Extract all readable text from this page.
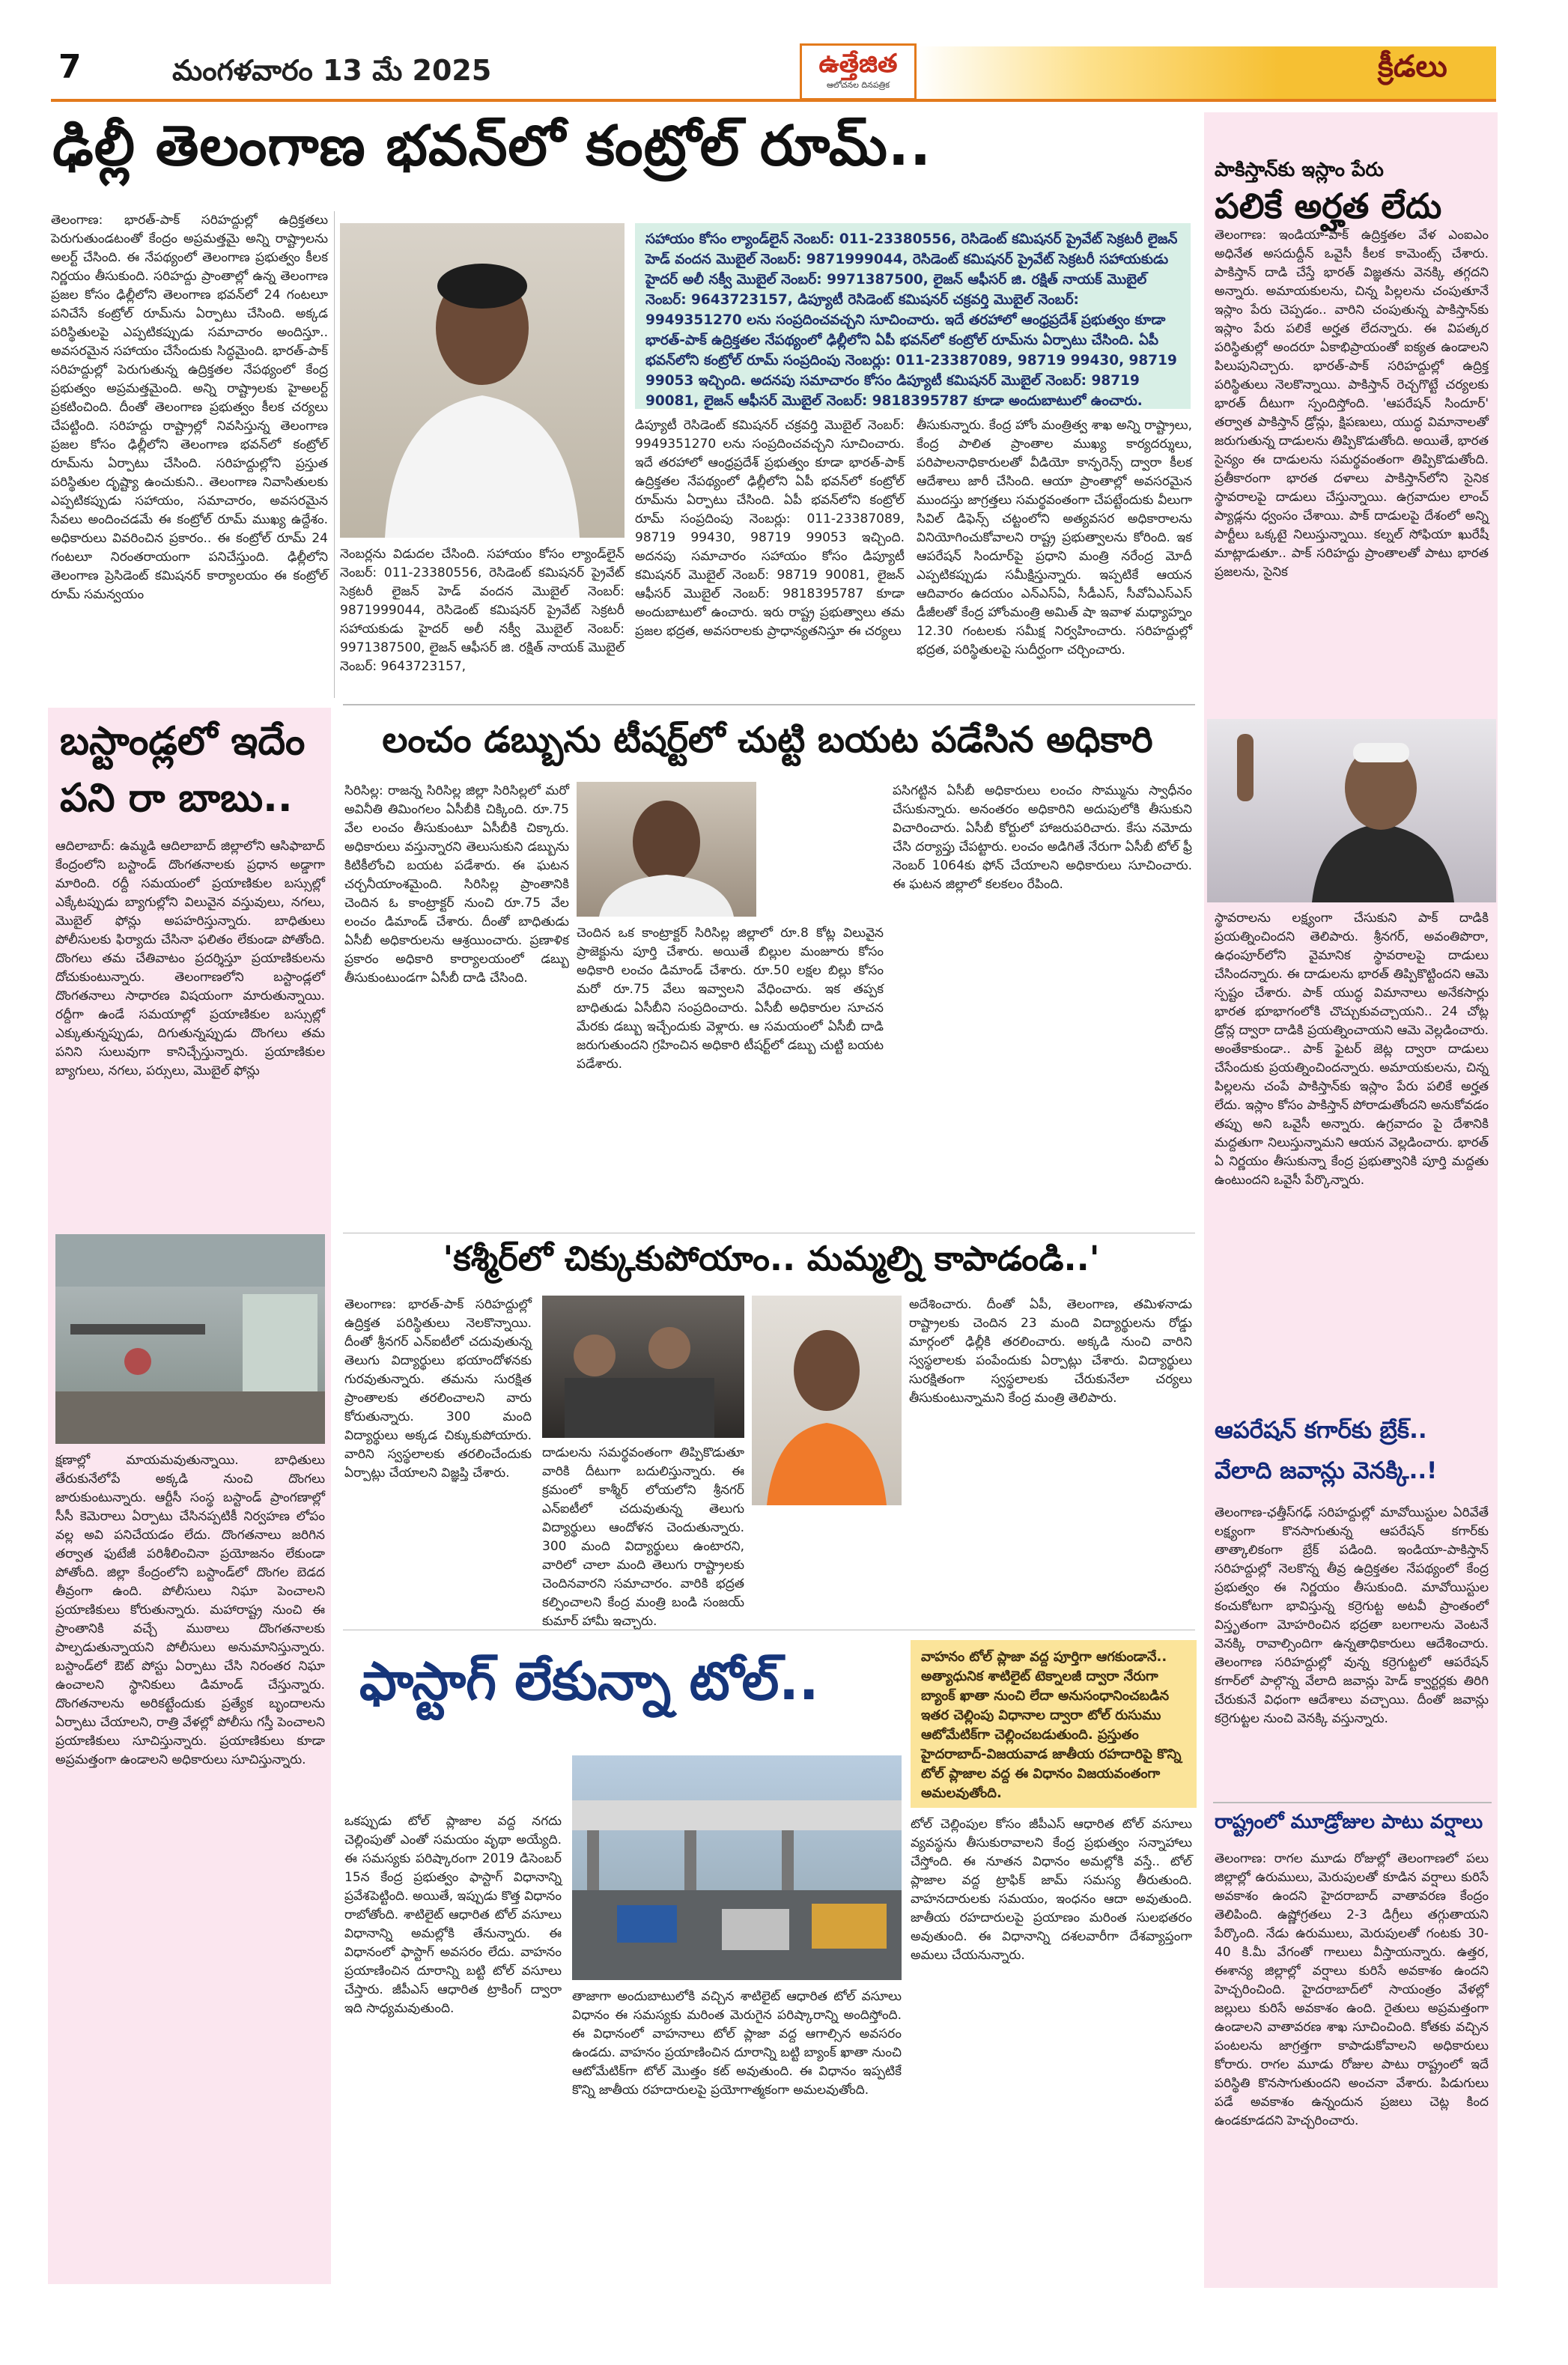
7	మంగళవారం 13 మే 2025	ఉత్తేజిత
ఆలోచనల దినపత్రిక
క్రీడలు
ఢిల్లీ తెలంగాణ భవన్‌లో కంట్రోల్ రూమ్..
తెలంగాణ: భారత్-పాక్ సరిహద్దుల్లో ఉద్రిక్తతలు పెరుగుతుండటంతో కేంద్రం అప్రమత్తమై అన్ని రాష్ట్రాలను అలర్ట్ చేసింది. ఈ నేపథ్యంలో తెలంగాణ ప్రభుత్వం కీలక నిర్ణయం తీసుకుంది. సరిహద్దు ప్రాంతాల్లో ఉన్న తెలంగాణ ప్రజల కోసం ఢిల్లీలోని తెలంగాణ భవన్‌లో 24 గంటలూ పనిచేసే కంట్రోల్ రూమ్‌ను ఏర్పాటు చేసింది. అక్కడ పరిస్థితులపై ఎప్పటికప్పుడు సమాచారం అందిస్తూ.. అవసరమైన సహాయం చేసేందుకు సిద్ధమైంది. భారత్-పాక్ సరిహద్దుల్లో పెరుగుతున్న ఉద్రిక్తతల నేపథ్యంలో కేంద్ర ప్రభుత్వం అప్రమత్తమైంది. అన్ని రాష్ట్రాలకు హైఅలర్ట్ ప్రకటించింది. దీంతో తెలంగాణ ప్రభుత్వం కీలక చర్యలు చేపట్టింది. సరిహద్దు రాష్ట్రాల్లో నివసిస్తున్న తెలంగాణ ప్రజల కోసం ఢిల్లీలోని తెలంగాణ భవన్‌లో కంట్రోల్ రూమ్‌ను ఏర్పాటు చేసింది. సరిహద్దుల్లోని ప్రస్తుత పరిస్థితుల దృష్ట్యా ఉంచుకుని.. తెలంగాణ నివాసితులకు ఎప్పటికప్పుడు సహాయం, సమాచారం, అవసరమైన సేవలు అందించడమే ఈ కంట్రోల్ రూమ్ ముఖ్య ఉద్దేశం. అధికారులు వివరించిన ప్రకారం.. ఈ కంట్రోల్ రూమ్ 24 గంటలూ నిరంతరాయంగా పనిచేస్తుంది. ఢిల్లీలోని తెలంగాణ ప్రెసిడెంట్ కమిషనర్ కార్యాలయం ఈ కంట్రోల్ రూమ్ సమన్వయం
నెంబర్లను విడుదల చేసింది. సహాయం కోసం ల్యాండ్‌లైన్ నెంబర్: 011-23380556, రెసిడెంట్ కమిషనర్ ప్రైవేట్ సెక్రటరీ లైజన్ హెడ్ వందన మొబైల్ నెంబర్: 9871999044, రెసిడెంట్ కమిషనర్ ప్రైవేట్ సెక్రటరీ సహాయకుడు హైదర్ అలీ నక్వీ మొబైల్ నెంబర్: 9971387500, లైజన్ ఆఫీసర్ జి. రక్షిత్ నాయక్ మొబైల్ నెంబర్: 9643723157,
సహాయం కోసం ల్యాండ్‌లైన్ నెంబర్: 011-23380556, రెసిడెంట్ కమిషనర్ ప్రైవేట్ సెక్రటరీ లైజన్ హెడ్ వందన మొబైల్ నెంబర్: 9871999044, రెసిడెంట్ కమిషనర్ ప్రైవేట్ సెక్రటరీ సహాయకుడు హైదర్ అలీ నక్వీ మొబైల్ నెంబర్: 9971387500, లైజన్ ఆఫీసర్ జి. రక్షిత్ నాయక్ మొబైల్ నెంబర్: 9643723157, డిప్యూటీ రెసిడెంట్ కమిషనర్ చక్రవర్తి మొబైల్ నెంబర్: 9949351270 లను సంప్రదించవచ్చని సూచించారు. ఇదే తరహాలో ఆంధ్రప్రదేశ్ ప్రభుత్వం కూడా భారత్-పాక్ ఉద్రిక్తతల నేపథ్యంలో ఢిల్లీలోని ఏపీ భవన్‌లో కంట్రోల్ రూమ్‌ను ఏర్పాటు చేసింది. ఏపీ భవన్‌లోని కంట్రోల్ రూమ్ సంప్రదింపు నెంబర్లు: 011-23387089, 98719 99430, 98719 99053 ఇచ్చింది. అదనపు సమాచారం కోసం డిప్యూటీ కమిషనర్ మొబైల్ నెంబర్: 98719 90081, లైజన్ ఆఫీసర్ మొబైల్ నెంబర్: 9818395787 కూడా అందుబాటులో ఉంచారు.
డిప్యూటీ రెసిడెంట్ కమిషనర్ చక్రవర్తి మొబైల్ నెంబర్: 9949351270 లను సంప్రదించవచ్చని సూచించారు. ఇదే తరహాలో ఆంధ్రప్రదేశ్ ప్రభుత్వం కూడా భారత్-పాక్ ఉద్రిక్తతల నేపథ్యంలో ఢిల్లీలోని ఏపీ భవన్‌లో కంట్రోల్ రూమ్‌ను ఏర్పాటు చేసింది. ఏపీ భవన్‌లోని కంట్రోల్ రూమ్ సంప్రదింపు నెంబర్లు: 011-23387089, 98719 99430, 98719 99053 ఇచ్చింది. అదనపు సమాచారం సహాయం కోసం డిప్యూటీ కమిషనర్ మొబైల్ నెంబర్: 98719 90081, లైజన్ ఆఫీసర్ మొబైల్ నెంబర్: 9818395787 కూడా అందుబాటులో ఉంచారు. ఇరు రాష్ట్ర ప్రభుత్వాలు తమ ప్రజల భద్రత, అవసరాలకు ప్రాధాన్యతనిస్తూ ఈ చర్యలు
తీసుకున్నారు. కేంద్ర హోం మంత్రిత్వ శాఖ అన్ని రాష్ట్రాలు, కేంద్ర పాలిత ప్రాంతాల ముఖ్య కార్యదర్శులు, పరిపాలనాధికారులతో వీడియో కాన్ఫరెన్స్ ద్వారా కీలక ఆదేశాలు జారీ చేసింది. ఆయా ప్రాంతాల్లో అవసరమైన ముందస్తు జాగ్రత్తలు సమర్థవంతంగా చేపట్టేందుకు వీలుగా సివిల్ డిఫెన్స్ చట్టంలోని అత్యవసర అధికారాలను వినియోగించుకోవాలని రాష్ట్ర ప్రభుత్వాలను కోరింది. ఇక ఆపరేషన్ సిందూర్‌పై ప్రధాని మంత్రి నరేంద్ర మోదీ ఎప్పటికప్పుడు సమీక్షిస్తున్నారు. ఇప్పటికే ఆయన ఆదివారం ఉదయం ఎన్ఎస్ఏ, సీడీఎస్, సీవోఏఎస్‌ఎస్ డీజీలతో కేంద్ర హోంమంత్రి అమిత్ షా ఇవాళ మధ్యాహ్నం 12.30 గంటలకు సమీక్ష నిర్వహించారు. సరిహద్దుల్లో భద్రత, పరిస్థితులపై సుదీర్ఘంగా చర్చించారు.
పాకిస్తాన్‌కు ఇస్లాం పేరు
పలికే అర్హత లేదు
తెలంగాణ: ఇండియా-పాక్ ఉద్రిక్తతల వేళ ఎంఐఎం అధినేత అసదుద్దీన్ ఒవైసీ కీలక కామెంట్స్ చేశారు. పాకిస్తాన్ దాడి చేస్తే భారత్ విజ్ఞతను వెనక్కి తగ్గదని అన్నారు. అమాయకులను, చిన్న పిల్లలను చంపుతూనే ఇస్లాం పేరు చెప్పడం.. వారిని చంపుతున్న పాకిస్తాన్‌కు ఇస్లాం పేరు పలికే అర్హత లేదన్నారు. ఈ విపత్కర పరిస్థితుల్లో అందరూ ఏకాభిప్రాయంతో ఐక్యత ఉండాలని పిలుపునిచ్చారు. భారత్-పాక్ సరిహద్దుల్లో ఉద్రిక్త పరిస్థితులు నెలకొన్నాయి. పాకిస్తాన్ రెచ్చగొట్టే చర్యలకు భారత్ దీటుగా స్పందిస్తోంది. 'ఆపరేషన్ సిందూర్' తర్వాత పాకిస్తాన్ డ్రోన్లు, క్షిపణులు, యుద్ధ విమానాలతో జరుగుతున్న దాడులను తిప్పికొడుతోంది. అయితే, భారత సైన్యం ఈ దాడులను సమర్థవంతంగా తిప్పికొడుతోంది. ప్రతీకారంగా భారత దళాలు పాకిస్తాన్‌లోని సైనిక స్థావరాలపై దాడులు చేస్తున్నాయి. ఉగ్రవాదుల లాంచ్ ప్యాడ్లను ధ్వంసం చేశాయి. పాక్ దాడులపై దేశంలో అన్ని పార్టీలు ఒక్కటై నిలుస్తున్నాయి. కల్నల్ సోఫియా ఖురేషీ మాట్లాడుతూ.. పాక్ సరిహద్దు ప్రాంతాలతో పాటు భారత ప్రజలను, సైనిక
స్థావరాలను లక్ష్యంగా చేసుకుని పాక్ దాడికి ప్రయత్నించిందని తెలిపారు. శ్రీనగర్, అవంతిపొరా, ఉధంపూర్‌లోని వైమానిక స్థావరాలపై దాడులు చేసిందన్నారు. ఈ దాడులను భారత్ తిప్పికొట్టిందని ఆమె స్పష్టం చేశారు. పాక్ యుద్ధ విమానాలు అనేకసార్లు భారత భూభాగంలోకి చొచ్చుకువచ్చాయని.. 24 చోట్ల డ్రోన్ల ద్వారా దాడికి ప్రయత్నించాయని ఆమె వెల్లడించారు. అంతేకాకుండా.. పాక్ ఫైటర్ జెట్ల ద్వారా దాడులు చేసేందుకు ప్రయత్నించిందన్నారు. అమాయకులను, చిన్న పిల్లలను చంపే పాకిస్తాన్‌కు ఇస్లాం పేరు పలికే అర్హత లేదు. ఇస్లాం కోసం పాకిస్తాన్ పోరాడుతోందని అనుకోవడం తప్పు అని ఒవైసీ అన్నారు. ఉగ్రవాదం పై దేశానికి మద్దతుగా నిలుస్తున్నామని ఆయన వెల్లడించారు. భారత్ ఏ నిర్ణయం తీసుకున్నా కేంద్ర ప్రభుత్వానికి పూర్తి మద్దతు ఉంటుందని ఒవైసీ పేర్కొన్నారు.
ఆపరేషన్ కగార్‌కు బ్రేక్..
వేలాది జవాన్లు వెనక్కి..!
తెలంగాణ-ఛత్తీస్‌గఢ్ సరిహద్దుల్లో మావోయిస్టుల ఏరివేతే లక్ష్యంగా కొనసాగుతున్న ఆపరేషన్ కగార్‌కు తాత్కాలికంగా బ్రేక్ పడింది. ఇండియా-పాకిస్తాన్ సరిహద్దుల్లో నెలకొన్న తీవ్ర ఉద్రిక్తతల నేపథ్యంలో కేంద్ర ప్రభుత్వం ఈ నిర్ణయం తీసుకుంది. మావోయిస్టుల కంచుకోటగా భావిస్తున్న కర్రెగుట్ట అటవీ ప్రాంతంలో విస్తృతంగా మోహరించిన భద్రతా బలగాలను వెంటనే వెనక్కి రావాల్సిందిగా ఉన్నతాధికారులు ఆదేశించారు. తెలంగాణ సరిహద్దుల్లో వున్న కర్రెగుట్టలో ఆపరేషన్ కగార్‌లో పాల్గొన్న వేలాది జవాన్లు హెడ్ క్వార్టర్లకు తిరిగి చేరుకునే విధంగా ఆదేశాలు వచ్చాయి. దీంతో జవాన్లు కర్రెగుట్టల నుంచి వెనక్కి వస్తున్నారు.
రాష్ట్రంలో మూడ్రోజుల పాటు వర్షాలు
తెలంగాణ: రాగల మూడు రోజుల్లో తెలంగాణలో పలు జిల్లాల్లో ఉరుములు, మెరుపులతో కూడిన వర్షాలు కురిసే అవకాశం ఉందని హైదరాబాద్ వాతావరణ కేంద్రం తెలిపింది. ఉష్ణోగ్రతలు 2-3 డిగ్రీలు తగ్గుతాయని పేర్కొంది. నేడు ఉరుములు, మెరుపులతో గంటకు 30-40 కి.మీ వేగంతో గాలులు వీస్తాయన్నారు. ఉత్తర, ఈశాన్య జిల్లాల్లో వర్షాలు కురిసే అవకాశం ఉందని హెచ్చరించింది. హైదరాబాద్‌లో సాయంత్రం వేళల్లో జల్లులు కురిసే అవకాశం ఉంది. రైతులు అప్రమత్తంగా ఉండాలని వాతావరణ శాఖ సూచించింది. కోతకు వచ్చిన పంటలను జాగ్రత్తగా కాపాడుకోవాలని అధికారులు కోరారు. రాగల మూడు రోజుల పాటు రాష్ట్రంలో ఇదే పరిస్థితి కొనసాగుతుందని అంచనా వేశారు. పిడుగులు పడే అవకాశం ఉన్నందున ప్రజలు చెట్ల కింద ఉండకూడదని హెచ్చరించారు.
బస్టాండ్లలో ఇదేం
పని రా బాబు..
ఆదిలాబాద్: ఉమ్మడి ఆదిలాబాద్ జిల్లాలోని ఆసిఫాబాద్ కేంద్రంలోని బస్టాండ్ దొంగతనాలకు ప్రధాన అడ్డాగా మారింది. రద్దీ సమయంలో ప్రయాణికుల బస్సుల్లో ఎక్కేటప్పుడు బ్యాగుల్లోని విలువైన వస్తువులు, నగలు, మొబైల్ ఫోన్లు అపహరిస్తున్నారు. బాధితులు పోలీసులకు ఫిర్యాదు చేసినా ఫలితం లేకుండా పోతోంది. దొంగలు తమ చేతివాటం ప్రదర్శిస్తూ ప్రయాణికులను దోచుకుంటున్నారు. తెలంగాణలోని బస్టాండ్లలో దొంగతనాలు సాధారణ విషయంగా మారుతున్నాయి. రద్దీగా ఉండే సమయాల్లో ప్రయాణికుల బస్సుల్లో ఎక్కుతున్నప్పుడు, దిగుతున్నప్పుడు దొంగలు తమ పనిని సులువుగా కానిచ్చేస్తున్నారు. ప్రయాణికుల బ్యాగులు, నగలు, పర్సులు, మొబైల్ ఫోన్లు
క్షణాల్లో మాయమవుతున్నాయి. బాధితులు తేరుకునేలోపే అక్కడి నుంచి దొంగలు జారుకుంటున్నారు. ఆర్టీసీ సంస్థ బస్టాండ్ ప్రాంగణాల్లో సీసీ కెమెరాలు ఏర్పాటు చేసినప్పటికీ నిర్వహణ లోపం వల్ల అవి పనిచేయడం లేదు. దొంగతనాలు జరిగిన తర్వాత ఫుటేజీ పరిశీలించినా ప్రయోజనం లేకుండా పోతోంది. జిల్లా కేంద్రంలోని బస్టాండ్‌లో దొంగల బెడద తీవ్రంగా ఉంది. పోలీసులు నిఘా పెంచాలని ప్రయాణికులు కోరుతున్నారు. మహారాష్ట్ర నుంచి ఈ ప్రాంతానికి వచ్చే ముఠాలు దొంగతనాలకు పాల్పడుతున్నాయని పోలీసులు అనుమానిస్తున్నారు. బస్టాండ్‌లో ఔట్ పోస్టు ఏర్పాటు చేసి నిరంతర నిఘా ఉంచాలని స్థానికులు డిమాండ్ చేస్తున్నారు. దొంగతనాలను అరికట్టేందుకు ప్రత్యేక బృందాలను ఏర్పాటు చేయాలని, రాత్రి వేళల్లో పోలీసు గస్తీ పెంచాలని ప్రయాణికులు సూచిస్తున్నారు. ప్రయాణికులు కూడా అప్రమత్తంగా ఉండాలని అధికారులు సూచిస్తున్నారు.
లంచం డబ్బును టీషర్ట్‌లో చుట్టి బయట పడేసిన అధికారి
సిరిసిల్ల: రాజన్న సిరిసిల్ల జిల్లా సిరిసిల్లలో మరో అవినీతి తిమింగలం ఏసీబీకి చిక్కింది. రూ.75 వేల లంచం తీసుకుంటూ ఏసీబీకి చిక్కారు. అధికారులు వస్తున్నారని తెలుసుకుని డబ్బును కిటికీలోంచి బయట పడేశారు. ఈ ఘటన చర్చనీయాంశమైంది. సిరిసిల్ల ప్రాంతానికి చెందిన ఓ కాంట్రాక్టర్ నుంచి రూ.75 వేల లంచం డిమాండ్ చేశారు. దీంతో బాధితుడు ఏసీబీ అధికారులను ఆశ్రయించారు. ప్రణాళిక ప్రకారం అధికారి కార్యాలయంలో డబ్బు తీసుకుంటుండగా ఏసీబీ దాడి చేసింది.
చెందిన ఒక కాంట్రాక్టర్ సిరిసిల్ల జిల్లాలో రూ.8 కోట్ల విలువైన ప్రాజెక్టును పూర్తి చేశారు. అయితే బిల్లుల మంజూరు కోసం అధికారి లంచం డిమాండ్ చేశారు. రూ.50 లక్షల బిల్లు కోసం మరో రూ.75 వేలు ఇవ్వాలని వేధించారు. ఇక తప్పక బాధితుడు ఏసీబీని సంప్రదించారు. ఏసీబీ అధికారుల సూచన మేరకు డబ్బు ఇచ్చేందుకు వెళ్లారు. ఆ సమయంలో ఏసీబీ దాడి జరుగుతుందని గ్రహించిన అధికారి టీషర్ట్‌లో డబ్బు చుట్టి బయట పడేశారు.
పసిగట్టిన ఏసీబీ అధికారులు లంచం సొమ్మును స్వాధీనం చేసుకున్నారు. అనంతరం అధికారిని అదుపులోకి తీసుకుని విచారించారు. ఏసీబీ కోర్టులో హాజరుపరిచారు. కేసు నమోదు చేసి దర్యాప్తు చేపట్టారు. లంచం అడిగితే నేరుగా ఏసీబీ టోల్ ఫ్రీ నెంబర్ 1064కు ఫోన్ చేయాలని అధికారులు సూచించారు. ఈ ఘటన జిల్లాలో కలకలం రేపింది.
'కశ్మీర్‌లో చిక్కుకుపోయాం.. మమ్మల్ని కాపాడండి..'
తెలంగాణ: భారత్-పాక్ సరిహద్దుల్లో ఉద్రిక్తత పరిస్థితులు నెలకొన్నాయి. దీంతో శ్రీనగర్ ఎన్ఐటీలో చదువుతున్న తెలుగు విద్యార్థులు భయాందోళనకు గురవుతున్నారు. తమను సురక్షిత ప్రాంతాలకు తరలించాలని వారు కోరుతున్నారు. 300 మంది విద్యార్థులు అక్కడ చిక్కుకుపోయారు. వారిని స్వస్థలాలకు తరలించేందుకు ఏర్పాట్లు చేయాలని విజ్ఞప్తి చేశారు.
దాడులను సమర్థవంతంగా తిప్పికొడుతూ వారికి దీటుగా బదులిస్తున్నారు. ఈ క్రమంలో కాశ్మీర్ లోయలోని శ్రీనగర్ ఎన్ఐటీలో చదువుతున్న తెలుగు విద్యార్థులు ఆందోళన చెందుతున్నారు. 300 మంది విద్యార్థులు ఉంటారని, వారిలో చాలా మంది తెలుగు రాష్ట్రాలకు చెందినవారని సమాచారం. వారికి భద్రత కల్పించాలని కేంద్ర మంత్రి బండి సంజయ్ కుమార్ హామీ ఇచ్చారు.
అదేశించారు. దీంతో ఏపీ, తెలంగాణ, తమిళనాడు రాష్ట్రాలకు చెందిన 23 మంది విద్యార్థులను రోడ్డు మార్గంలో ఢిల్లీకి తరలించారు. అక్కడి నుంచి వారిని స్వస్థలాలకు పంపేందుకు ఏర్పాట్లు చేశారు. విద్యార్థులు సురక్షితంగా స్వస్థలాలకు చేరుకునేలా చర్యలు తీసుకుంటున్నామని కేంద్ర మంత్రి తెలిపారు.
ఫాస్టాగ్ లేకున్నా టోల్..	వాహనం టోల్ ప్లాజా వద్ద పూర్తిగా ఆగకుండానే.. అత్యాధునిక శాటిలైట్ టెక్నాలజీ ద్వారా నేరుగా బ్యాంక్ ఖాతా నుంచి లేదా అనుసంధానించబడిన ఇతర చెల్లింపు విధానాల ద్వారా టోల్ రుసుము ఆటోమేటిక్‌గా చెల్లించబడుతుంది. ప్రస్తుతం హైదరాబాద్-విజయవాడ జాతీయ రహదారిపై కొన్ని టోల్ ప్లాజాల వద్ద ఈ విధానం విజయవంతంగా అమలవుతోంది.
ఒకప్పుడు టోల్ ప్లాజాల వద్ద నగదు చెల్లింపుతో ఎంతో సమయం వృథా అయ్యేది. ఈ సమస్యకు పరిష్కారంగా 2019 డిసెంబర్ 15న కేంద్ర ప్రభుత్వం ఫాస్టాగ్ విధానాన్ని ప్రవేశపెట్టింది. అయితే, ఇప్పుడు కొత్త విధానం రాబోతోంది. శాటిలైట్ ఆధారిత టోల్ వసూలు విధానాన్ని అమల్లోకి తేనున్నారు. ఈ విధానంలో ఫాస్టాగ్ అవసరం లేదు. వాహనం ప్రయాణించిన దూరాన్ని బట్టి టోల్ వసూలు చేస్తారు. జీపీఎస్ ఆధారిత ట్రాకింగ్ ద్వారా ఇది సాధ్యమవుతుంది.
తాజాగా అందుబాటులోకి వచ్చిన శాటిలైట్ ఆధారిత టోల్ వసూలు విధానం ఈ సమస్యకు మరింత మెరుగైన పరిష్కారాన్ని అందిస్తోంది. ఈ విధానంలో వాహనాలు టోల్ ప్లాజా వద్ద ఆగాల్సిన అవసరం ఉండదు. వాహనం ప్రయాణించిన దూరాన్ని బట్టి బ్యాంక్ ఖాతా నుంచి ఆటోమేటిక్‌గా టోల్ మొత్తం కట్ అవుతుంది. ఈ విధానం ఇప్పటికే కొన్ని జాతీయ రహదారులపై ప్రయోగాత్మకంగా అమలవుతోంది.
టోల్ చెల్లింపుల కోసం జీపీఎస్ ఆధారిత టోల్ వసూలు వ్యవస్థను తీసుకురావాలని కేంద్ర ప్రభుత్వం సన్నాహాలు చేస్తోంది. ఈ నూతన విధానం అమల్లోకి వస్తే.. టోల్ ప్లాజాల వద్ద ట్రాఫిక్ జామ్ సమస్య తీరుతుంది. వాహనదారులకు సమయం, ఇంధనం ఆదా అవుతుంది. జాతీయ రహదారులపై ప్రయాణం మరింత సులభతరం అవుతుంది. ఈ విధానాన్ని దశలవారీగా దేశవ్యాప్తంగా అమలు చేయనున్నారు.
